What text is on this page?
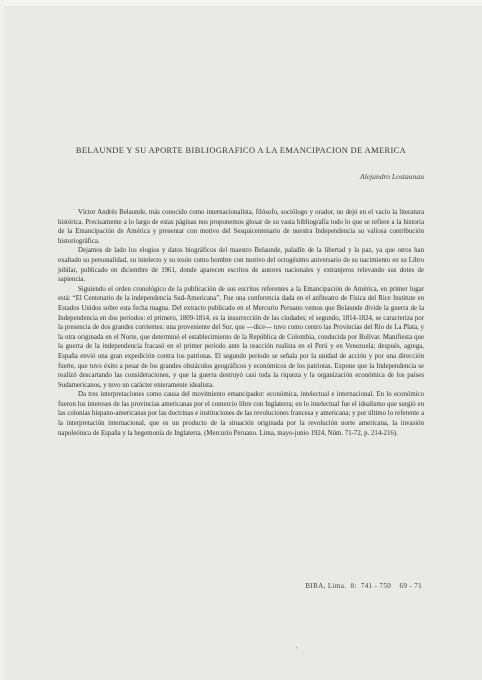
BELAUNDE Y SU APORTE BIBLIOGRAFICO A LA EMANCIPACION DE AMERICA
Alejandro Lostaunau

Víctor Andrés Belaunde, más conocido como internacionalista, filósofo, sociólogo y orador, no dejó en el vacío la literatura histórica. Precisamente a lo largo de estas páginas nos proponemos glosar de su vasta bibliografía todo lo que se refiere a la historia de la Emancipación de América y presentar con motivo del Sesquicentenario de nuestra Independencia su valiosa contribución historiográfica.

Dejamos de lado los elogios y datos biográficos del maestro Belaunde, paladín de la libertad y la paz, ya que otros han exaltado su personalidad, su intelecto y su tesón como hombre con motivo del octogésimo aniversario de su nacimiento en su Libro jubilar, publicado en diciembre de 1961, donde aparecen escritos de autores nacionales y extranjeros relevando sus dotes de sapiencia.

Siguiendo el orden cronológico de la publicación de sus escritos referentes a la Emancipación de América, en primer lugar está: “El Centenario de la independencia Sud-Americana”. Fue una conferencia dada en el anfiteatro de Física del Rice Institute en Estados Unidos sobre esta fecha magna. Del extracto publicado en el Mercurio Peruano vemos que Belaunde divide la guerra de la Independencia en dos periodos: el primero, 1809-1814, es la insurrección de las ciudades; el segundo, 1814-1824, se caracteriza por la presencia de dos grandes corrientes: una proveniente del Sur, que —dice— tuvo como centro las Provincias del Río de La Plata, y la otra originada en el Norte, que determinó el establecimiento de la República de Colombia, conducida por Bolívar. Manifiesta que la guerra de la independencia fracasó en el primer periodo ante la reacción realista en el Perú y en Venezuela; después, agrega, España envió una gran expedición contra los patriotas. El segundo periodo se señala por la unidad de acción y por una dirección fuerte, que tuvo éxito a pesar de los grandes obstáculos geográficos y económicos de los patriotas. Expone que la Independencia se realizó descartando las consideraciones, y que la guerra destruyó casi toda la riqueza y la organización económica de los países Sudamericanos, y tuvo un carácter enteramente idealista.

Da tres interpretaciones como causa del movimiento emancipador: económica, intelectual e internacional. En lo económico fueron los intereses de las provincias americanas por el comercio libre con Inglaterra; en lo intelectual fue el idealismo que surgió en las colonias hispano-americanas por las doctrinas e instituciones de las revoluciones francesa y americana; y por último lo referente a la interpretación internacional, que es un producto de la situación originada por la revolución norte americana, la invasión napoleónica de España y la hegemonía de Inglaterra. (Mercurio Peruano. Lima, mayo-junio 1924, Núm. 71-72, p. 214-216).

BIRA, Lima.  8:  741 - 750    69 - 71
'
